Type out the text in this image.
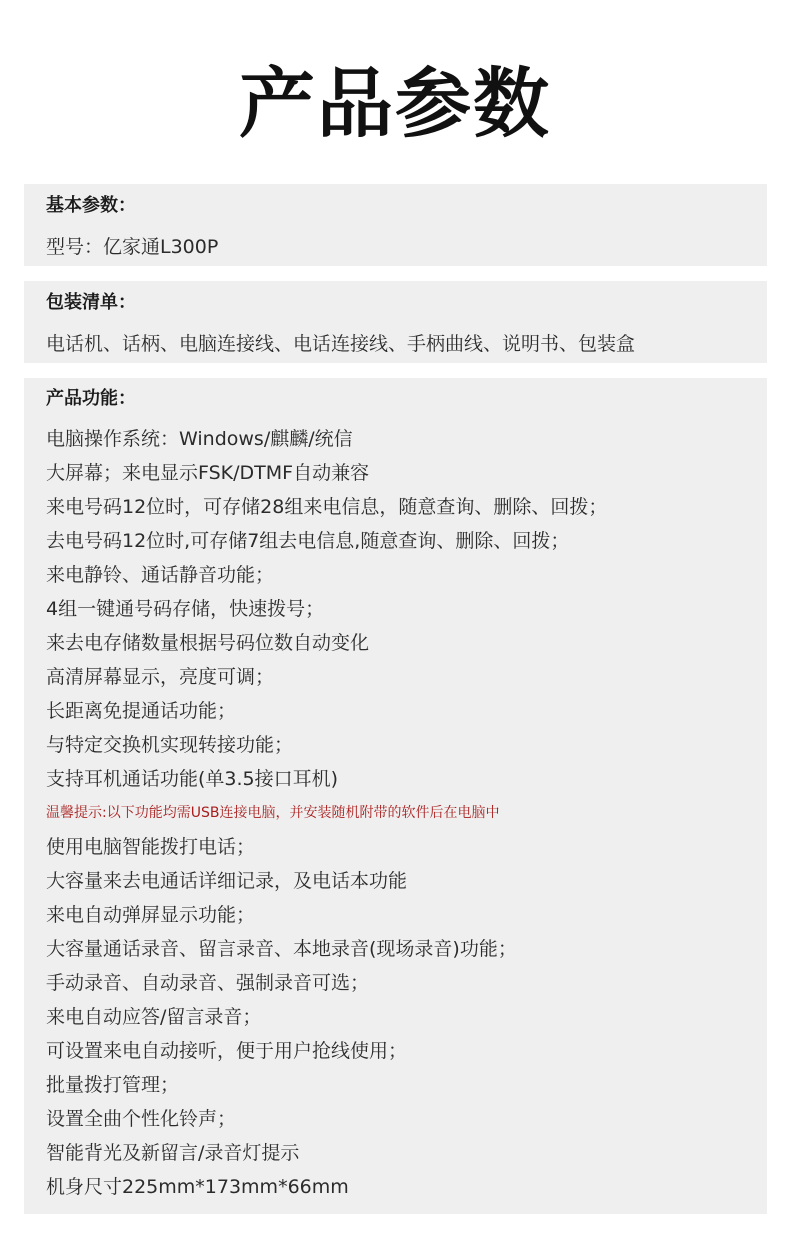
产品参数
基本参数：
型号：亿家通L300P
包装清单：
电话机、话柄、电脑连接线、电话连接线、手柄曲线、说明书、包装盒
产品功能：
电脑操作系统：Windows/麒麟/统信
大屏幕；来电显示FSK/DTMF自动兼容
来电号码12位时，可存储28组来电信息，随意查询、删除、回拨；
去电号码12位时,可存储7组去电信息,随意查询、删除、回拨；
来电静铃、通话静音功能；
4组一键通号码存储，快速拨号；
来去电存储数量根据号码位数自动变化
高清屏幕显示，亮度可调；
长距离免提通话功能；
与特定交换机实现转接功能；
支持耳机通话功能(单3.5接口耳机)
温馨提示:以下功能均需USB连接电脑，并安装随机附带的软件后在电脑中
使用电脑智能拨打电话；
大容量来去电通话详细记录，及电话本功能
来电自动弹屏显示功能；
大容量通话录音、留言录音、本地录音(现场录音)功能；
手动录音、自动录音、强制录音可选；
来电自动应答/留言录音；
可设置来电自动接听，便于用户抢线使用；
批量拨打管理；
设置全曲个性化铃声；
智能背光及新留言/录音灯提示
机身尺寸225mm*173mm*66mm
